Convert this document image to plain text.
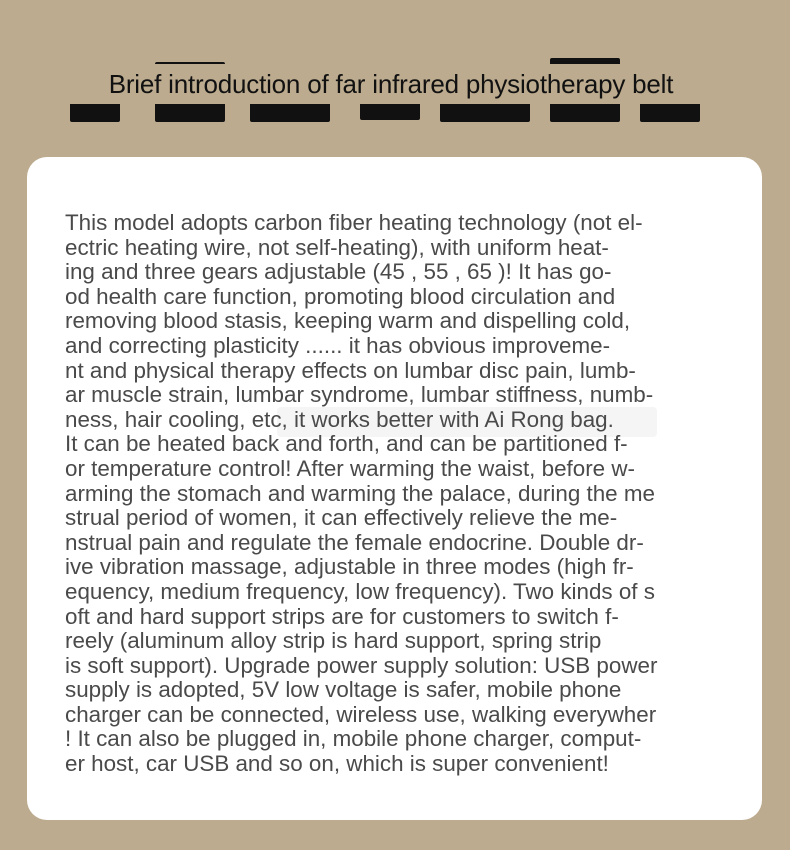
Brief introduction of far infrared physiotherapy belt
This model adopts carbon fiber heating technology (not el-
ectric heating wire, not self-heating), with uniform heat-
ing and three gears adjustable (45 , 55 , 65 )! It has go-
od health care function, promoting blood circulation and
removing blood stasis, keeping warm and dispelling cold,
and correcting plasticity ...... it has obvious improveme-
nt and physical therapy effects on lumbar disc pain, lumb-
ar muscle strain, lumbar syndrome, lumbar stiffness, numb-
ness, hair cooling, etc, it works better with Ai Rong bag.
It can be heated back and forth, and can be partitioned f-
or temperature control! After warming the waist, before w-
arming the stomach and warming the palace, during the me
strual period of women, it can effectively relieve the me-
nstrual pain and regulate the female endocrine. Double dr-
ive vibration massage, adjustable in three modes (high fr-
equency, medium frequency, low frequency). Two kinds of s
oft and hard support strips are for customers to switch f-
reely (aluminum alloy strip is hard support, spring strip
is soft support). Upgrade power supply solution: USB power
supply is adopted, 5V low voltage is safer, mobile phone
charger can be connected, wireless use, walking everywher
! It can also be plugged in, mobile phone charger, comput-
er host, car USB and so on, which is super convenient!
